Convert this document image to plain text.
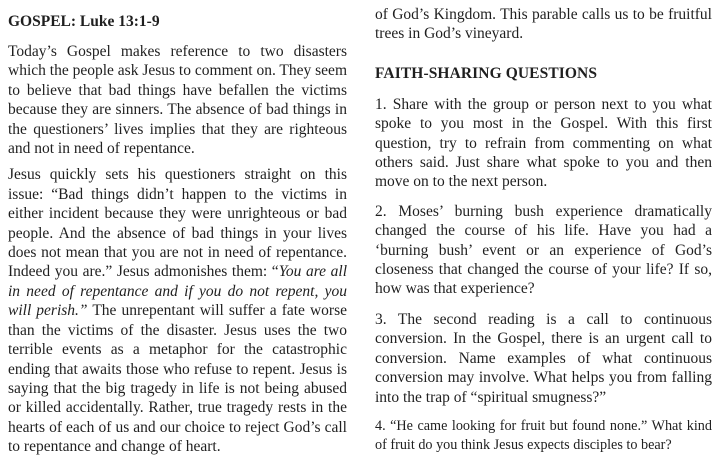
GOSPEL: Luke 13:1-9

Today’s Gospel makes reference to two disasters which the people ask Jesus to comment on. They seem to believe that bad things have befallen the victims because they are sinners. The absence of bad things in the questioners’ lives implies that they are righteous and not in need of repentance.

Jesus quickly sets his questioners straight on this issue: “Bad things didn’t happen to the victims in either incident because they were unrighteous or bad people. And the absence of bad things in your lives does not mean that you are not in need of repentance. Indeed you are.” Jesus admonishes them: “You are all in need of repentance and if you do not repent, you will perish.” The unrepentant will suffer a fate worse than the victims of the disaster. Jesus uses the two terrible events as a metaphor for the catastrophic ending that awaits those who refuse to repent. Jesus is saying that the big tragedy in life is not being abused or killed accidentally. Rather, true tragedy rests in the hearts of each of us and our choice to reject God’s call to repentance and change of heart.

of God’s Kingdom. This parable calls us to be fruitful trees in God’s vineyard.

FAITH-SHARING QUESTIONS

1. Share with the group or person next to you what spoke to you most in the Gospel. With this first question, try to refrain from commenting on what others said. Just share what spoke to you and then move on to the next person.

2. Moses’ burning bush experience dramatically changed the course of his life. Have you had a ‘burning bush’ event or an experience of God’s closeness that changed the course of your life? If so, how was that experience?

3. The second reading is a call to continuous conversion. In the Gospel, there is an urgent call to conversion. Name examples of what continuous conversion may involve. What helps you from falling into the trap of “spiritual smugness?”

4. “He came looking for fruit but found none.” What kind of fruit do you think Jesus expects disciples to bear?
